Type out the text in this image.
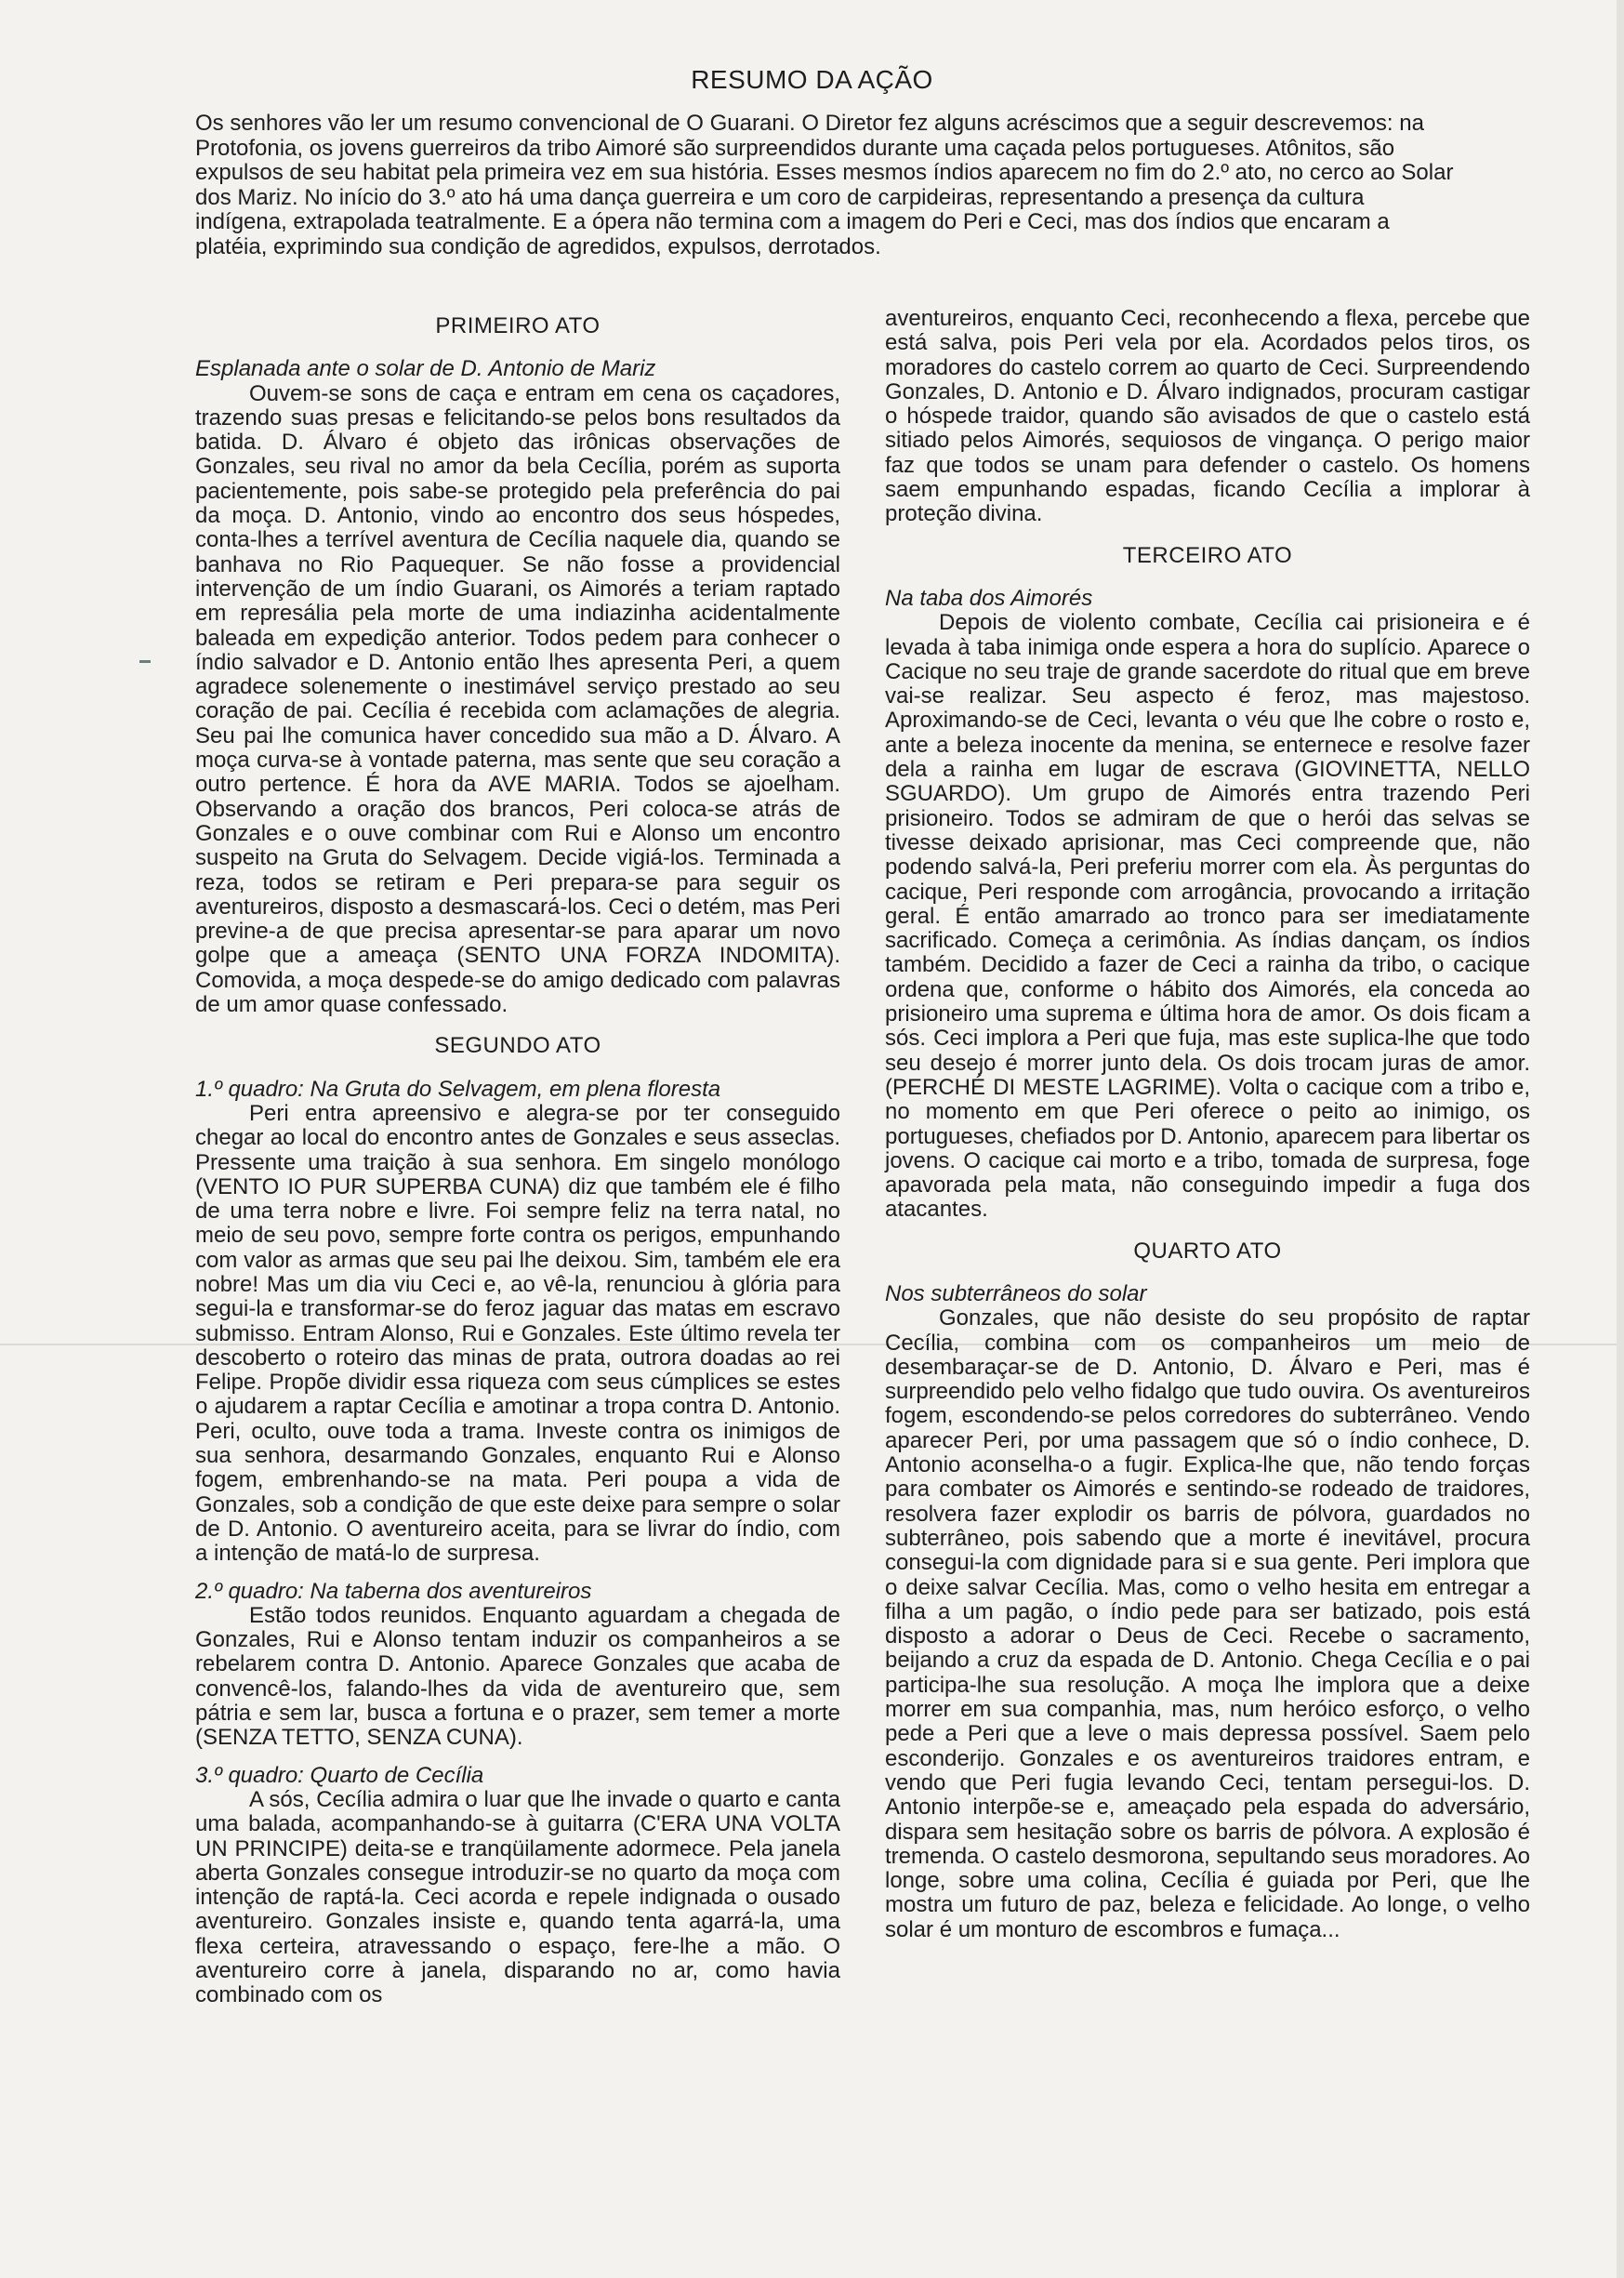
RESUMO DA AÇÃO

Os senhores vão ler um resumo convencional de O Guarani. O Diretor fez alguns acréscimos que a seguir descrevemos: na Protofonia, os jovens guerreiros da tribo Aimoré são surpreendidos durante uma caçada pelos portugueses. Atônitos, são expulsos de seu habitat pela primeira vez em sua história. Esses mesmos índios aparecem no fim do 2.º ato, no cerco ao Solar dos Mariz. No início do 3.º ato há uma dança guerreira e um coro de carpideiras, representando a presença da cultura indígena, extrapolada teatralmente. E a ópera não termina com a imagem do Peri e Ceci, mas dos índios que encaram a platéia, exprimindo sua condição de agredidos, expulsos, derrotados.

PRIMEIRO ATO

Esplanada ante o solar de D. Antonio de Mariz

Ouvem-se sons de caça e entram em cena os caçadores, trazendo suas presas e felicitando-se pelos bons resultados da batida. D. Álvaro é objeto das irônicas observações de Gonzales, seu rival no amor da bela Cecília, porém as suporta pacientemente, pois sabe-se protegido pela preferência do pai da moça. D. Antonio, vindo ao encontro dos seus hóspedes, conta-lhes a terrível aventura de Cecília naquele dia, quando se banhava no Rio Paquequer. Se não fosse a providencial intervenção de um índio Guarani, os Aimorés a teriam raptado em represália pela morte de uma indiazinha acidentalmente baleada em expedição anterior. Todos pedem para conhecer o índio salvador e D. Antonio então lhes apresenta Peri, a quem agradece solenemente o inestimável serviço prestado ao seu coração de pai. Cecília é recebida com aclamações de alegria. Seu pai lhe comunica haver concedido sua mão a D. Álvaro. A moça curva-se à vontade paterna, mas sente que seu coração a outro pertence. É hora da AVE MARIA. Todos se ajoelham. Observando a oração dos brancos, Peri coloca-se atrás de Gonzales e o ouve combinar com Rui e Alonso um encontro suspeito na Gruta do Selvagem. Decide vigiá-los. Terminada a reza, todos se retiram e Peri prepara-se para seguir os aventureiros, disposto a desmascará-los. Ceci o detém, mas Peri previne-a de que precisa apresentar-se para aparar um novo golpe que a ameaça (SENTO UNA FORZA INDOMITA). Comovida, a moça despede-se do amigo dedicado com palavras de um amor quase confessado.

SEGUNDO ATO

1.º quadro: Na Gruta do Selvagem, em plena floresta

Peri entra apreensivo e alegra-se por ter conseguido chegar ao local do encontro antes de Gonzales e seus asseclas. Pressente uma traição à sua senhora. Em singelo monólogo (VENTO IO PUR SUPERBA CUNA) diz que também ele é filho de uma terra nobre e livre. Foi sempre feliz na terra natal, no meio de seu povo, sempre forte contra os perigos, empunhando com valor as armas que seu pai lhe deixou. Sim, também ele era nobre! Mas um dia viu Ceci e, ao vê-la, renunciou à glória para segui-la e transformar-se do feroz jaguar das matas em escravo submisso. Entram Alonso, Rui e Gonzales. Este último revela ter descoberto o roteiro das minas de prata, outrora doadas ao rei Felipe. Propõe dividir essa riqueza com seus cúmplices se estes o ajudarem a raptar Cecília e amotinar a tropa contra D. Antonio. Peri, oculto, ouve toda a trama. Investe contra os inimigos de sua senhora, desarmando Gonzales, enquanto Rui e Alonso fogem, embrenhando-se na mata. Peri poupa a vida de Gonzales, sob a condição de que este deixe para sempre o solar de D. Antonio. O aventureiro aceita, para se livrar do índio, com a intenção de matá-lo de surpresa.

2.º quadro: Na taberna dos aventureiros

Estão todos reunidos. Enquanto aguardam a chegada de Gonzales, Rui e Alonso tentam induzir os companheiros a se rebelarem contra D. Antonio. Aparece Gonzales que acaba de convencê-los, falando-lhes da vida de aventureiro que, sem pátria e sem lar, busca a fortuna e o prazer, sem temer a morte (SENZA TETTO, SENZA CUNA).

3.º quadro: Quarto de Cecília

A sós, Cecília admira o luar que lhe invade o quarto e canta uma balada, acompanhando-se à guitarra (C'ERA UNA VOLTA UN PRINCIPE) deita-se e tranqüilamente adormece. Pela janela aberta Gonzales consegue introduzir-se no quarto da moça com intenção de raptá-la. Ceci acorda e repele indignada o ousado aventureiro. Gonzales insiste e, quando tenta agarrá-la, uma flexa certeira, atravessando o espaço, fere-lhe a mão. O aventureiro corre à janela, disparando no ar, como havia combinado com os

aventureiros, enquanto Ceci, reconhecendo a flexa, percebe que está salva, pois Peri vela por ela. Acordados pelos tiros, os moradores do castelo correm ao quarto de Ceci. Surpreendendo Gonzales, D. Antonio e D. Álvaro indignados, procuram castigar o hóspede traidor, quando são avisados de que o castelo está sitiado pelos Aimorés, sequiosos de vingança. O perigo maior faz que todos se unam para defender o castelo. Os homens saem empunhando espadas, ficando Cecília a implorar à proteção divina.

TERCEIRO ATO

Na taba dos Aimorés

Depois de violento combate, Cecília cai prisioneira e é levada à taba inimiga onde espera a hora do suplício. Aparece o Cacique no seu traje de grande sacerdote do ritual que em breve vai-se realizar. Seu aspecto é feroz, mas majestoso. Aproximando-se de Ceci, levanta o véu que lhe cobre o rosto e, ante a beleza inocente da menina, se enternece e resolve fazer dela a rainha em lugar de escrava (GIOVINETTA, NELLO SGUARDO). Um grupo de Aimorés entra trazendo Peri prisioneiro. Todos se admiram de que o herói das selvas se tivesse deixado aprisionar, mas Ceci compreende que, não podendo salvá-la, Peri preferiu morrer com ela. Às perguntas do cacique, Peri responde com arrogância, provocando a irritação geral. É então amarrado ao tronco para ser imediatamente sacrificado. Começa a cerimônia. As índias dançam, os índios também. Decidido a fazer de Ceci a rainha da tribo, o cacique ordena que, conforme o hábito dos Aimorés, ela conceda ao prisioneiro uma suprema e última hora de amor. Os dois ficam a sós. Ceci implora a Peri que fuja, mas este suplica-lhe que todo seu desejo é morrer junto dela. Os dois trocam juras de amor. (PERCHÉ DI MESTE LAGRIME). Volta o cacique com a tribo e, no momento em que Peri oferece o peito ao inimigo, os portugueses, chefiados por D. Antonio, aparecem para libertar os jovens. O cacique cai morto e a tribo, tomada de surpresa, foge apavorada pela mata, não conseguindo impedir a fuga dos atacantes.

QUARTO ATO

Nos subterrâneos do solar

Gonzales, que não desiste do seu propósito de raptar Cecília, combina com os companheiros um meio de desembaraçar-se de D. Antonio, D. Álvaro e Peri, mas é surpreendido pelo velho fidalgo que tudo ouvira. Os aventureiros fogem, escondendo-se pelos corredores do subterrâneo. Vendo aparecer Peri, por uma passagem que só o índio conhece, D. Antonio aconselha-o a fugir. Explica-lhe que, não tendo forças para combater os Aimorés e sentindo-se rodeado de traidores, resolvera fazer explodir os barris de pólvora, guardados no subterrâneo, pois sabendo que a morte é inevitável, procura consegui-la com dignidade para si e sua gente. Peri implora que o deixe salvar Cecília. Mas, como o velho hesita em entregar a filha a um pagão, o índio pede para ser batizado, pois está disposto a adorar o Deus de Ceci. Recebe o sacramento, beijando a cruz da espada de D. Antonio. Chega Cecília e o pai participa-lhe sua resolução. A moça lhe implora que a deixe morrer em sua companhia, mas, num heróico esforço, o velho pede a Peri que a leve o mais depressa possível. Saem pelo esconderijo. Gonzales e os aventureiros traidores entram, e vendo que Peri fugia levando Ceci, tentam persegui-los. D. Antonio interpõe-se e, ameaçado pela espada do adversário, dispara sem hesitação sobre os barris de pólvora. A explosão é tremenda. O castelo desmorona, sepultando seus moradores. Ao longe, sobre uma colina, Cecília é guiada por Peri, que lhe mostra um futuro de paz, beleza e felicidade. Ao longe, o velho solar é um monturo de escombros e fumaça...
